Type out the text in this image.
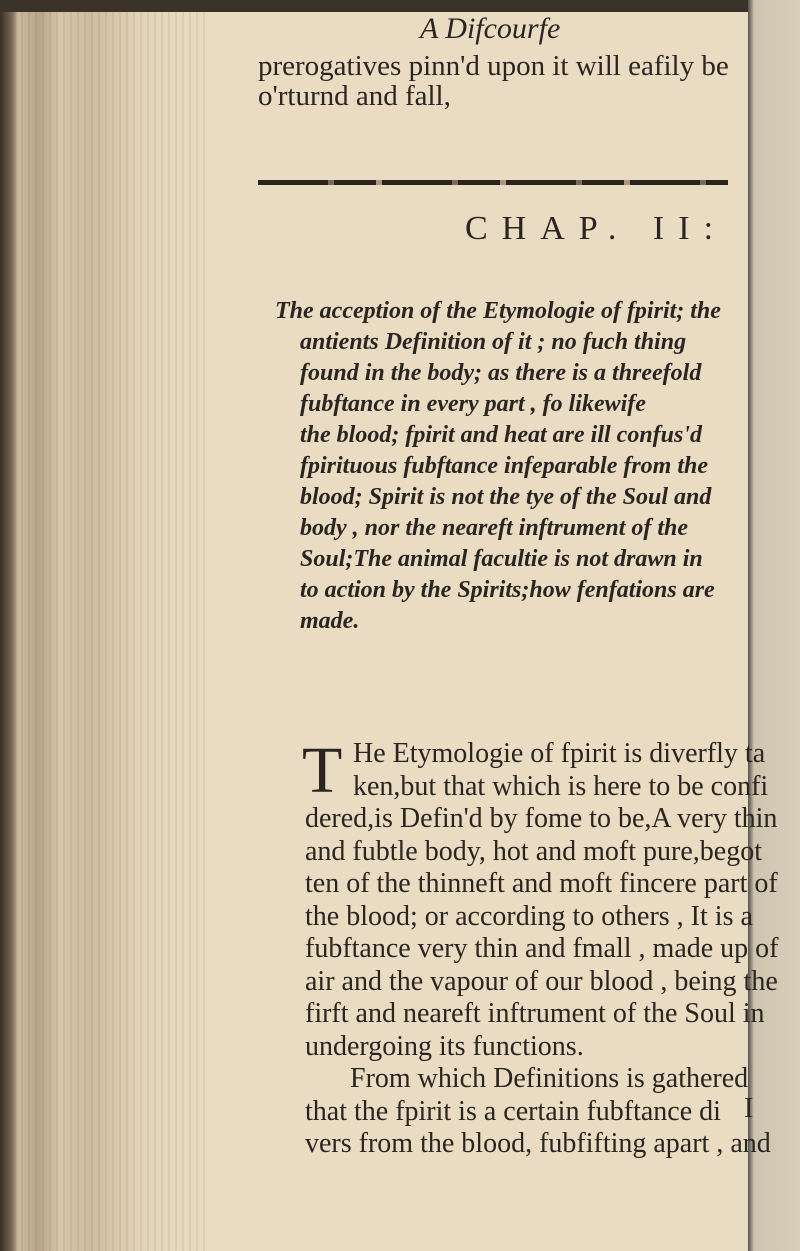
A Difcourfe
prerogatives pinn'd upon it will eafily be
o'rturnd and fall,
CHAP. II:
The acception of the Etymologie of fpirit; the
antients Definition of it ; no fuch thing
found in the body; as there is a threefold
fubftance in every part , fo likewife
the blood; fpirit and heat are ill confus'd
fpirituous fubftance infeparable from the
blood; Spirit is not the tye of the Soul and
body , nor the neareft inftrument of the
Soul;The animal facultie is not drawn in
to action by the Spirits;how fenfations are
made.
T He Etymologie of fpirit is diverfly ta
ken,but that which is here to be confi
dered,is Defin'd by fome to be,A very thin
and fubtle body, hot and moft pure,begot
ten of the thinneft and moft fincere part of
the blood; or according to others , It is a
fubftance very thin and fmall , made up of
air and the vapour of our blood , being the
firft and neareft inftrument of the Soul in
undergoing its functions.
From which Definitions is gathered
that the fpirit is a certain fubftance di
vers from the blood, fubfifting apart , and
I
